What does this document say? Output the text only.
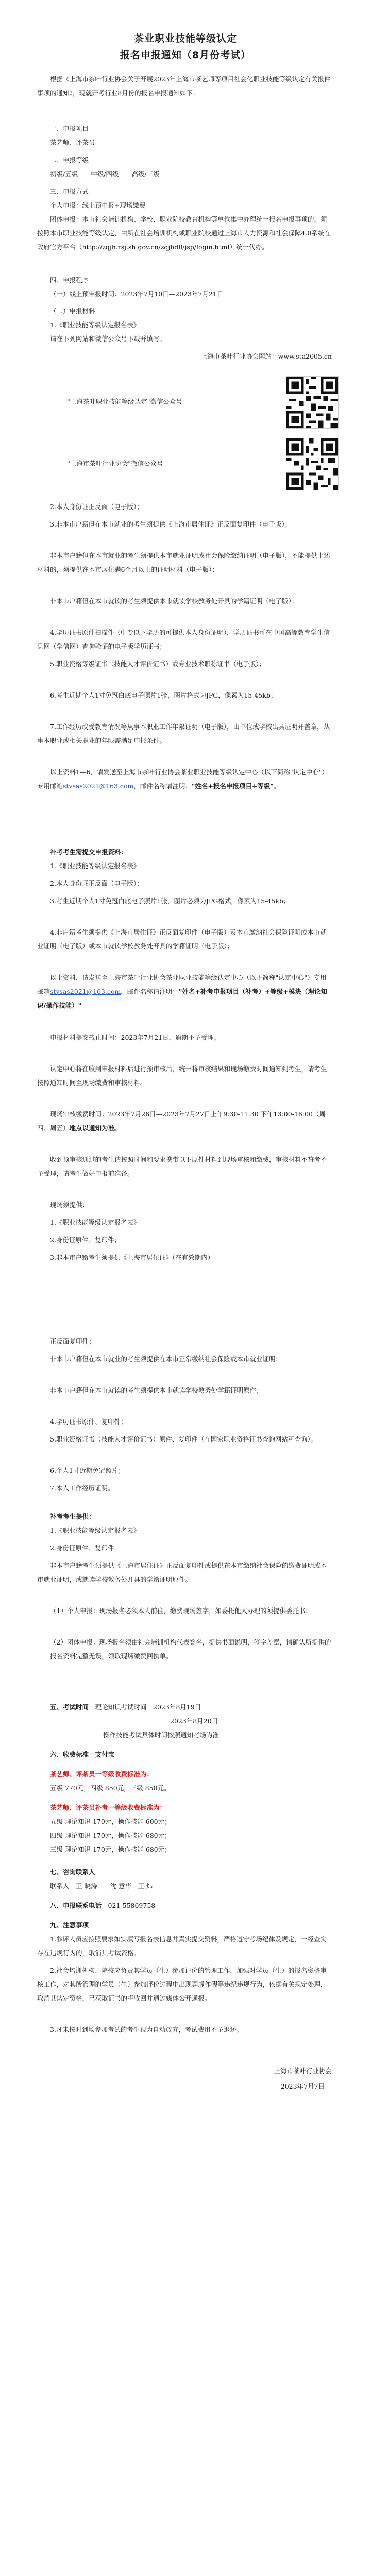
茶业职业技能等级认定
报名申报通知（8月份考试）

根据《上海市茶叶行业协会关于开展2023年上海市茶艺师等项目社会化职业技能等级认定有关报件事项的通知》，现就开考行业8月份的报名申报通知如下：

一、申报项目

茶艺师、评茶员

二、申报等级

初级/五级　　中级/四级　　高级/三级

三、申报方式

个人申报：线上预申报+现场缴费

团体申报：本市社会培训机构、学校、职业院校教育机构等单位集中办理统一报名申报事项的，须按照本市职业技能等级认定，由所在社会培训机构或职业院校通过上海市人力资源和社会保障4.0系统在政府官方平台（http://zqjh.rsj.sh.gov.cn/zqjhdll/jsp/login.html）统一代办。

四、申报程序

（一）线上预申报时间：2023年7月10日—2023年7月21日

（二）申报材料

1.《职业技能等级认定报名表》

请在下列网站和微信公众号下载并填写。

上海市茶叶行业协会网站：www.sta2005.cn

"上海茶叶职业技能等级认定"微信公众号
"上海市茶叶行业协会"微信公众号

2.本人身份证正反面（电子版）；

3.非本市户籍但在本市就业的考生须提供《上海市居住证》正反面复印件（电子版）；

非本市户籍但在本市就业的考生须提供本市就业证明或社会保险缴纳证明（电子版），不能提供上述材料的，须提供在本市居住满6个月以上的证明材料（电子版）；

非本市户籍但在本市就读的考生须提供本市就读学校教务处开具的学籍证明（电子版）；

4.学历证书原件扫描件（中专以下学历的可提供本人身份证明），学历证书可在中国高等教育学生信息网（学信网）查询验证的电子版学历证书；

5.职业资格等级证书（技能人才评价证书）或专业技术职称证书（电子版）；

6.考生近期个人1寸免冠白底电子照片1张，图片格式为JPG，像素为15-45kb；

7.工作经历或受教育情况等从事本职业工作年限证明（电子版），由单位或学校出具证明并盖章，从事本职业或相关职业的年限需满足申报条件。

以上资料1—6，请发送至上海市茶叶行业协会茶业职业技能等级认定中心（以下简称"认定中心"）专用邮箱stvsas2021@163.com，邮件名称请注明："姓名+报名申报项目+等级"。

补考考生需提交申报资料：

1.《职业技能等级认定报名表》

2.本人身份证正反面（电子版）；

3.考生近期个人1寸免冠白底电子照片1张，图片必须为JPG格式，像素为15-45kb；

4.非户籍考生须提供《上海市居住证》正反面复印件（电子版）及本市缴纳社会保险证明或本市就业证明（电子版）或本市就读学校教务处开具的学籍证明（电子版）；

以上资料，请发送至上海市茶叶行业协会茶业职业技能等级认定中心（以下简称"认定中心"）专用邮箱stvsas2021@163.com，邮件名称请注明："姓名+补考申报项目（补考）+等级+模块（理论知识/操作技能）"

申报材料提交截止时间：2023年7月21日，逾期不予受理。

认定中心将在收到申报材料后进行预审核后，统一将审核结果和现场缴费时间通知到考生，请考生按照通知时间至现场缴费和审核材料。

现场审核缴费时间：2023年7月26日—2023年7月27日上午9:30-11:30 下午13:00-16:00（周四、周五）地点以通知为准。

收到预审核通过的考生请按照时间和要求携带以下原件材料到现场审核和缴费，审核材料不符者不予受理，请考生做好申报前准备。

现场须提供：

1.《职业技能等级认定报名表》

2.身份证原件、复印件；

3.非本市户籍考生须提供《上海市居住证》（在有效期内）

正反面复印件；

非本市户籍但在本市就业的考生须提供在本市正常缴纳社会保险或本市就业证明；

非本市户籍但在本市就读的考生须提供本市就读学校教务处学籍证明原件；

4.学历证书原件、复印件；

5.职业资格证书（技能人才评价证书）原件、复印件（在国家职业资格证书查询网站可查询）；

6.个人1寸近期免冠照片；

7.本人工作经历证明。

补考考生提供：

1.《职业技能等级认定报名表》

2.身份证原件、复印件

非本市户籍考生须提供《上海市居住证》正反面复印件或提供在本市缴纳社会保险的缴费证明或本市就业证明，或就读学校教务处开具的学籍证明原件。

（1）个人申报：现场报名必须本人前往，缴费现场签字，如委托他人办理的须提供委托书；

（2）团体申报：现场报名须由社会培训机构代表签名，提供书面说明，签字盖章，请确认所提供的报名资料完整无误，领取现场缴费回执单。

五、考试时间　 理论知识考试时间　2023年8月19日

2023年8月20日

操作技能考试具体时间按照通知考场为准

六、收费标准　 支付宝

茶艺师、评茶员一等级收费标准为：

五级 770元，四级 850元，三级 850元。

茶艺师、评茶员补考一等级收费标准为：

五级 理论知识 170元，操作技能 600元；

四级 理论知识 170元，操作技能 680元；

三级 理论知识 170元，操作技能 680元；

七、咨询联系人

联系人　王 晓涛　　沈 意华　王 炜

八、申报联系电话　 021-55869758

九、注意事项

1.参评人员应按照要求如实填写报名表信息并真实提交资料，严格遵守考场纪律及规定，一经查实存在违规行为的，取消其考试资格。

2.社会培训机构、院校应负责其学员（生）参加评价的管理工作，加强对学员（生）的报名资格审核工作，对其所管理的学员（生）参加评价过程中出现弄虚作假等违纪违规行为，依据有关规定处理，取消其认定资格，已获取证书的将收回并通过媒体公开通报。

3.凡未按时到场参加考试的考生视为自动放弃，考试费用不予退还。

上海市茶叶行业协会
2023年7月7日
